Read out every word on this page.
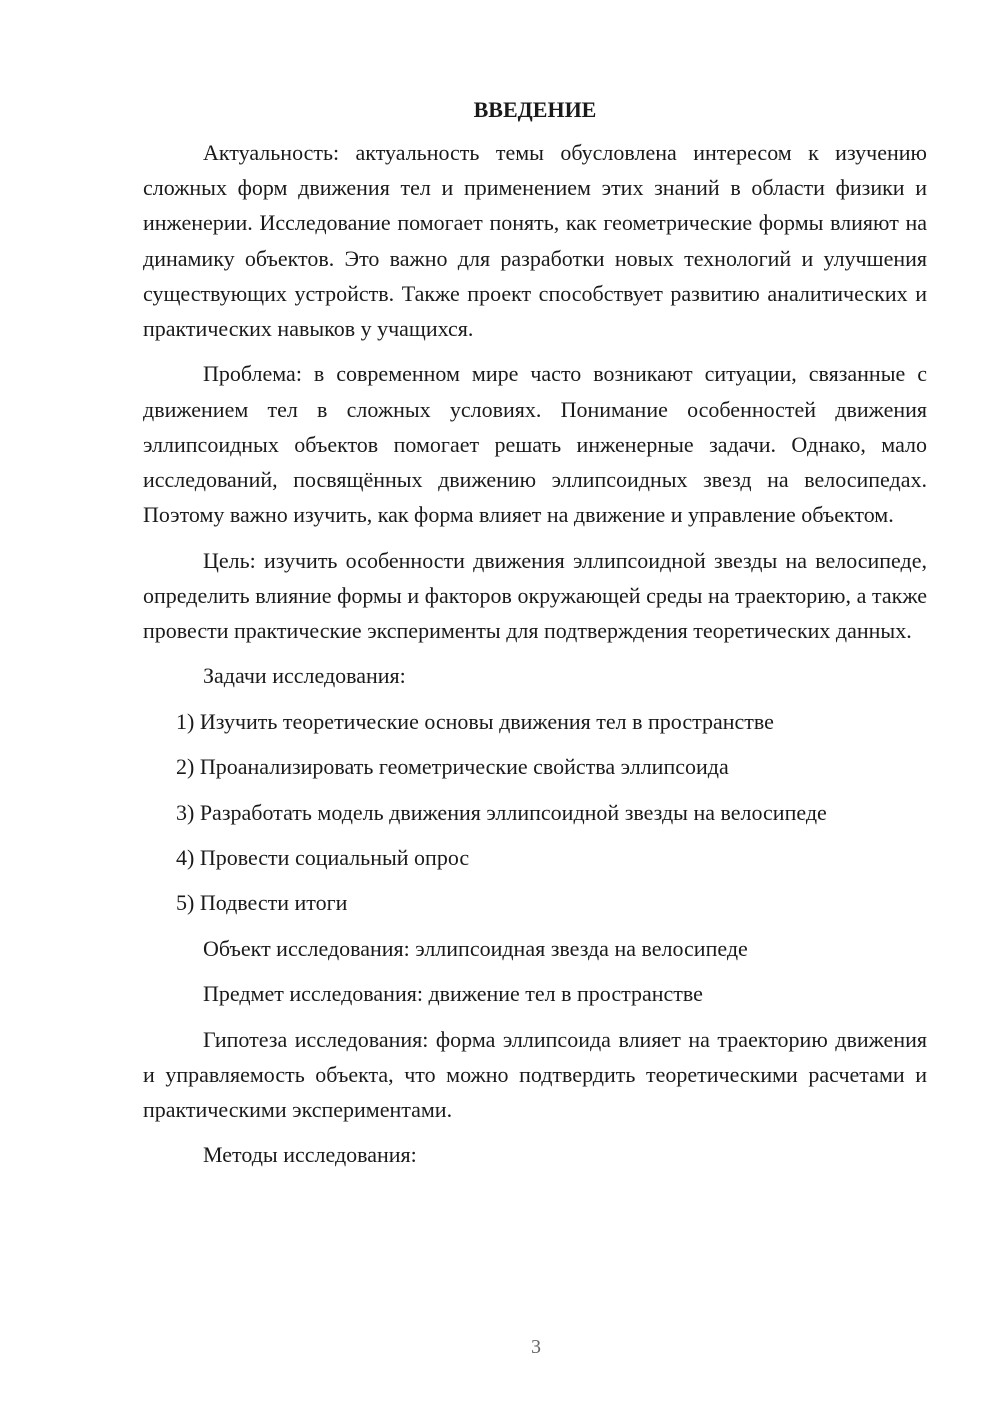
ВВЕДЕНИЕ

Актуальность: актуальность темы обусловлена интересом к изучению сложных форм движения тел и применением этих знаний в области физики и инженерии. Исследование помогает понять, как геометрические формы влияют на динамику объектов. Это важно для разработки новых технологий и улучшения существующих устройств. Также проект способствует развитию аналитических и практических навыков у учащихся.

Проблема: в современном мире часто возникают ситуации, связанные с движением тел в сложных условиях. Понимание особенностей движения эллипсоидных объектов помогает решать инженерные задачи. Однако, мало исследований, посвящённых движению эллипсоидных звезд на велосипедах. Поэтому важно изучить, как форма влияет на движение и управление объектом.

Цель: изучить особенности движения эллипсоидной звезды на велосипеде, определить влияние формы и факторов окружающей среды на траекторию, а также провести практические эксперименты для подтверждения теоретических данных.

Задачи исследования:
1) Изучить теоретические основы движения тел в пространстве
2) Проанализировать геометрические свойства эллипсоида
3) Разработать модель движения эллипсоидной звезды на велосипеде
4) Провести социальный опрос
5) Подвести итоги
Объект исследования: эллипсоидная звезда на велосипеде
Предмет исследования: движение тел в пространстве

Гипотеза исследования: форма эллипсоида влияет на траекторию движения и управляемость объекта, что можно подтвердить теоретическими расчетами и практическими экспериментами.

Методы исследования:
3
